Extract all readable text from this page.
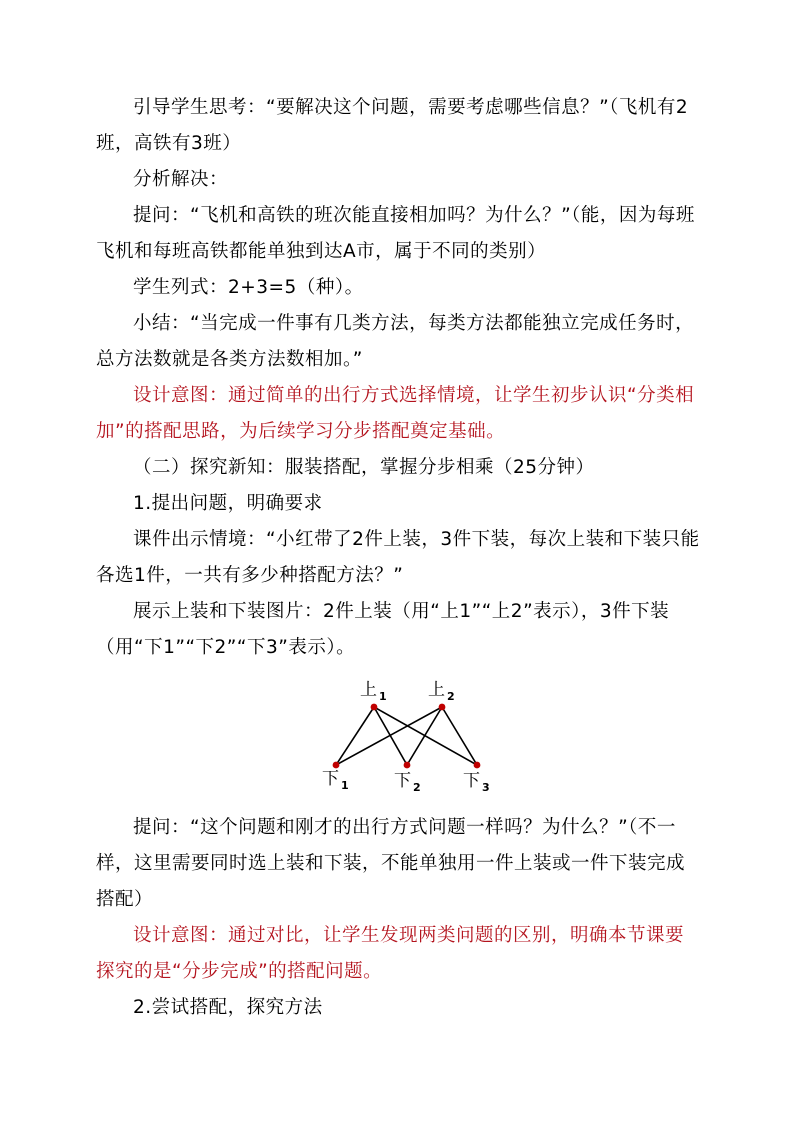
引导学生思考：“要解决这个问题，需要考虑哪些信息？”（飞机有2班，高铁有3班）

分析解决：

提问：“飞机和高铁的班次能直接相加吗？为什么？”（能，因为每班飞机和每班高铁都能单独到达A市，属于不同的类别）

学生列式：2+3=5（种）。

小结：“当完成一件事有几类方法，每类方法都能独立完成任务时，总方法数就是各类方法数相加。”

设计意图：通过简单的出行方式选择情境，让学生初步认识“分类相加”的搭配思路，为后续学习分步搭配奠定基础。

（二）探究新知：服装搭配，掌握分步相乘（25分钟）

1.提出问题，明确要求

课件出示情境：“小红带了2件上装，3件下装，每次上装和下装只能各选1件，一共有多少种搭配方法？”

展示上装和下装图片：2件上装（用“上1”“上2”表示），3件下装（用“下1”“下2”“下3”表示）。

上 $_1$ 上 $_2$
下 $_1$	下 $_2$ 下 $_3$

提问：“这个问题和刚才的出行方式问题一样吗？为什么？”（不一样，这里需要同时选上装和下装，不能单独用一件上装或一件下装完成搭配）

设计意图：通过对比，让学生发现两类问题的区别，明确本节课要探究的是“分步完成”的搭配问题。

2.尝试搭配，探究方法
